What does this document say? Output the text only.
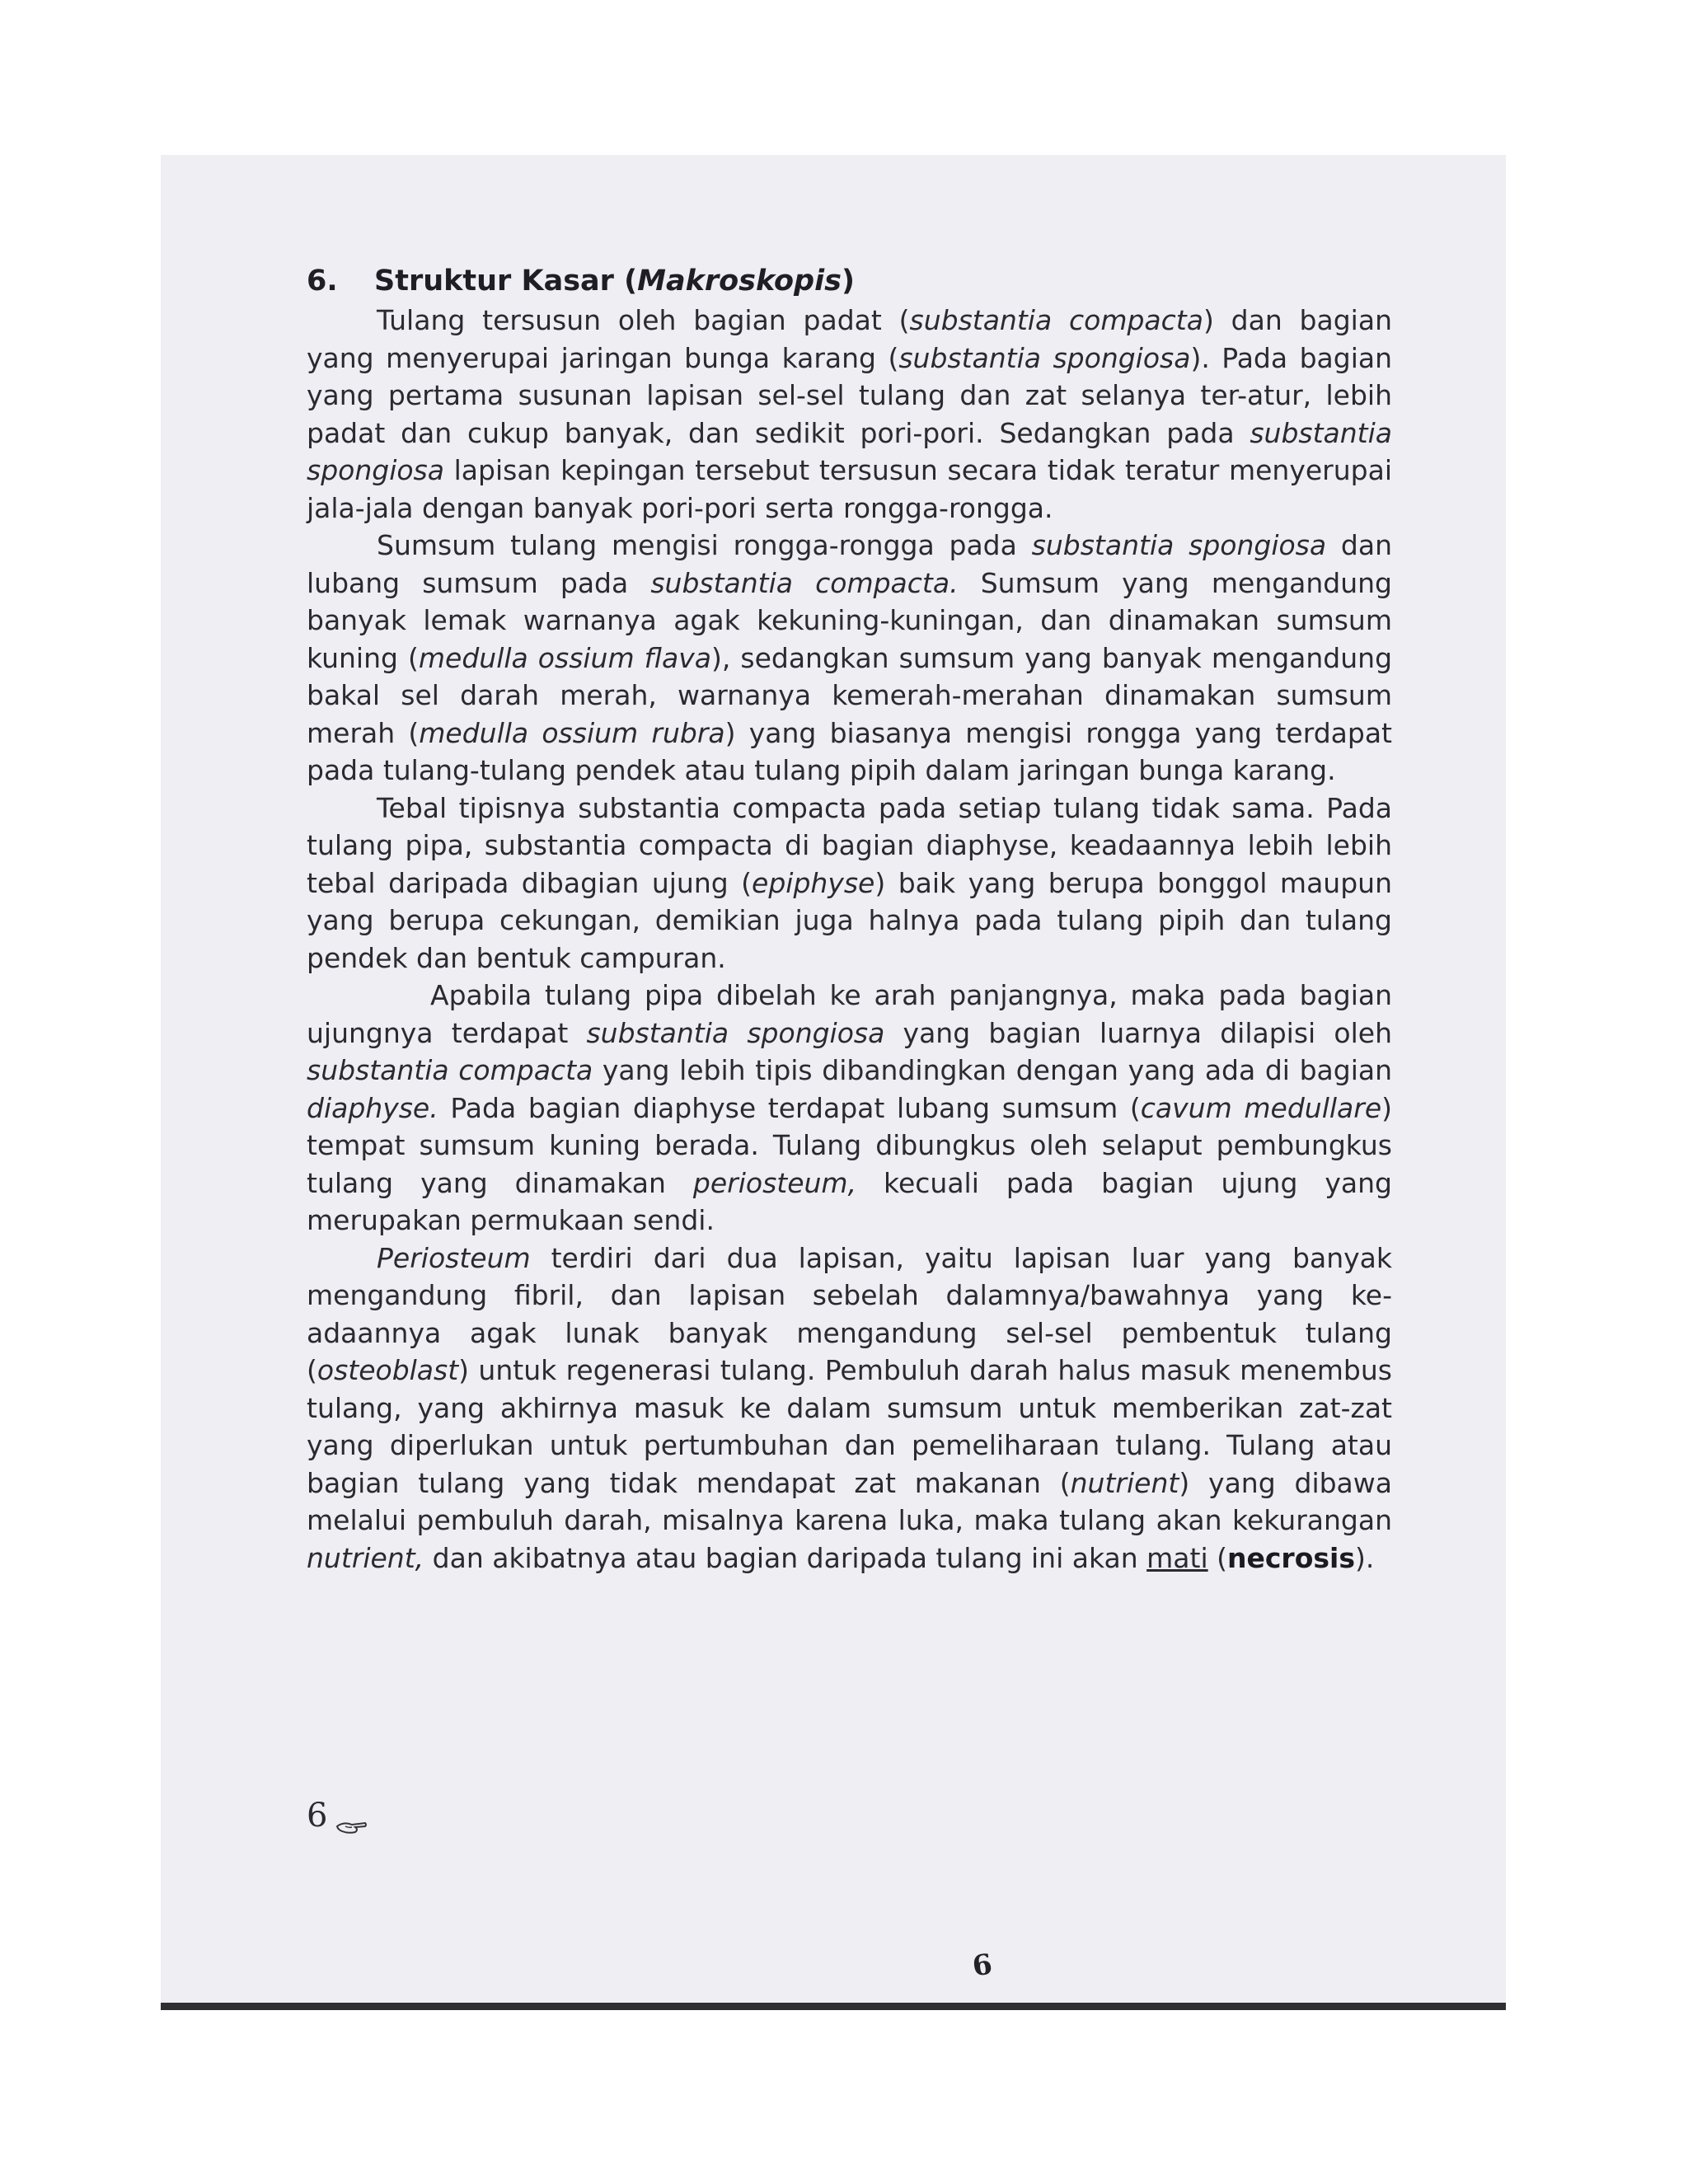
6. Struktur Kasar (Makroskopis)

Tulang tersusun oleh bagian padat (substantia compacta) dan bagian yang menyerupai jaringan bunga karang (substantia spongiosa). Pada bagian yang pertama susunan lapisan sel-sel tulang dan zat selanya ter-atur, lebih padat dan cukup banyak, dan sedikit pori-pori. Sedangkan pada substantia spongiosa lapisan kepingan tersebut tersusun secara tidak teratur menyerupai jala-jala dengan banyak pori-pori serta rongga-rongga.

Sumsum tulang mengisi rongga-rongga pada substantia spongiosa dan lubang sumsum pada substantia compacta. Sumsum yang mengandung banyak lemak warnanya agak kekuning-kuningan, dan dinamakan sumsum kuning (medulla ossium flava), sedangkan sumsum yang banyak mengandung bakal sel darah merah, warnanya kemerah-merahan dinamakan sumsum merah (medulla ossium rubra) yang biasanya mengisi rongga yang terdapat pada tulang-tulang pendek atau tulang pipih dalam jaringan bunga karang.

Tebal tipisnya substantia compacta pada setiap tulang tidak sama. Pada tulang pipa, substantia compacta di bagian diaphyse, keadaannya lebih lebih tebal daripada dibagian ujung (epiphyse) baik yang berupa bonggol maupun yang berupa cekungan, demikian juga halnya pada tulang pipih dan tulang pendek dan bentuk campuran.

Apabila tulang pipa dibelah ke arah panjangnya, maka pada bagian ujungnya terdapat substantia spongiosa yang bagian luarnya dilapisi oleh substantia compacta yang lebih tipis dibandingkan dengan yang ada di bagian diaphyse. Pada bagian diaphyse terdapat lubang sumsum (cavum medullare) tempat sumsum kuning berada. Tulang dibungkus oleh selaput pembungkus tulang yang dinamakan periosteum, kecuali pada bagian ujung yang merupakan permukaan sendi.

Periosteum terdiri dari dua lapisan, yaitu lapisan luar yang banyak mengandung fibril, dan lapisan sebelah dalamnya/bawahnya yang ke-adaannya agak lunak banyak mengandung sel-sel pembentuk tulang (osteoblast) untuk regenerasi tulang. Pembuluh darah halus masuk menembus tulang, yang akhirnya masuk ke dalam sumsum untuk memberikan zat-zat yang diperlukan untuk pertumbuhan dan pemeliharaan tulang. Tulang atau bagian tulang yang tidak mendapat zat makanan (nutrient) yang dibawa melalui pembuluh darah, misalnya karena luka, maka tulang akan kekurangan nutrient, dan akibatnya atau bagian daripada tulang ini akan mati (necrosis).

6
6
